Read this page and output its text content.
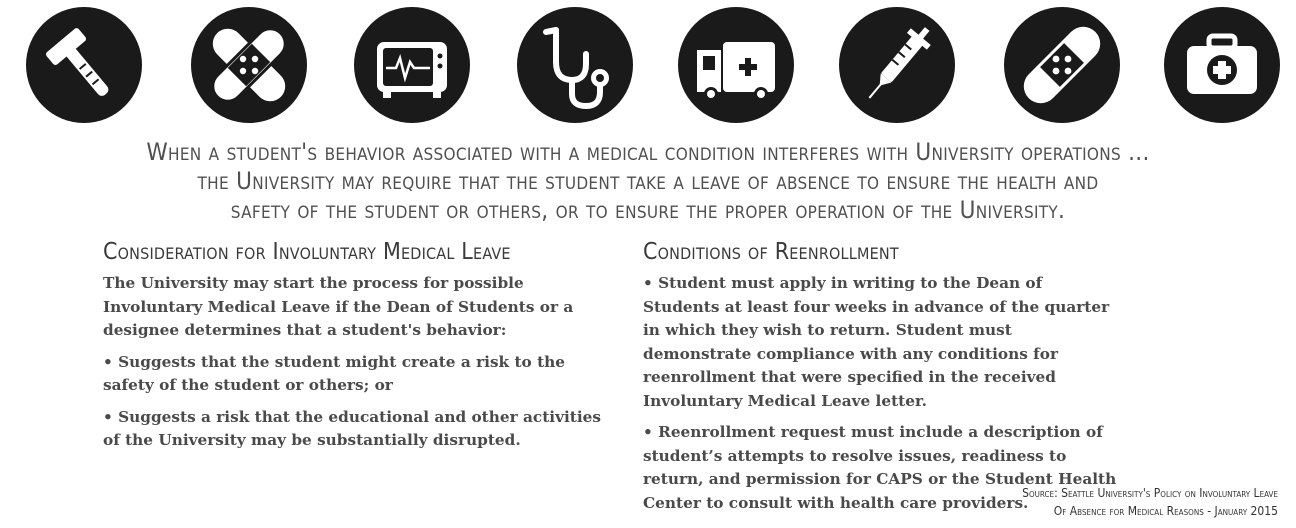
When a student's behavior associated with a medical condition interferes with University operations ...
the University may require that the student take a leave of absence to ensure the health and
safety of the student or others, or to ensure the proper operation of the University.
Consideration for Involuntary Medical Leave

The University may start the process for possible Involuntary Medical Leave if the Dean of Students or a designee determines that a student's behavior:

• Suggests that the student might create a risk to the safety of the student or others; or

• Suggests a risk that the educational and other activities of the University may be substantially disrupted.

Conditions of Reenrollment

• Student must apply in writing to the Dean of Students at least four weeks in advance of the quarter in which they wish to return. Student must demonstrate compliance with any conditions for reenrollment that were specified in the received Involuntary Medical Leave letter.

• Reenrollment request must include a description of student’s attempts to resolve issues, readiness to return, and permission for CAPS or the Student Health Center to consult with health care providers.

Source: Seattle University's Policy on Involuntary Leave
Of Absence for Medical Reasons - January 2015
